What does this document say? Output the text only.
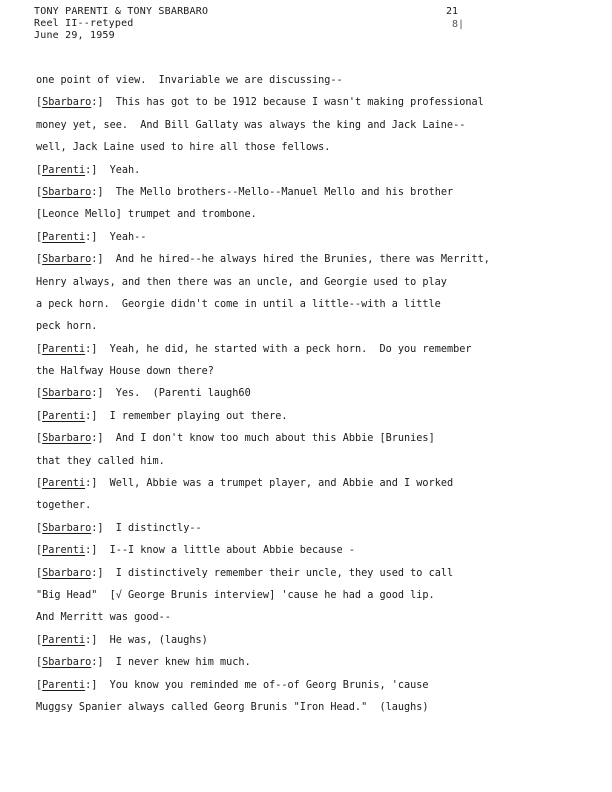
TONY PARENTI & TONY SBARBARO
Reel II--retyped
June 29, 1959
21
8|
one point of view.  Invariable we are discussing--
[Sbarbaro:]  This has got to be 1912 because I wasn't making professional
money yet, see.  And Bill Gallaty was always the king and Jack Laine--
well, Jack Laine used to hire all those fellows.
[Parenti:]  Yeah.
[Sbarbaro:]  The Mello brothers--Mello--Manuel Mello and his brother
[Leonce Mello] trumpet and trombone.
[Parenti:]  Yeah--
[Sbarbaro:]  And he hired--he always hired the Brunies, there was Merritt,
Henry always, and then there was an uncle, and Georgie used to play
a peck horn.  Georgie didn't come in until a little--with a little
peck horn.
[Parenti:]  Yeah, he did, he started with a peck horn.  Do you remember
the Halfway House down there?
[Sbarbaro:]  Yes.  (Parenti laugh60
[Parenti:]  I remember playing out there.
[Sbarbaro:]  And I don't know too much about this Abbie [Brunies]
that they called him.
[Parenti:]  Well, Abbie was a trumpet player, and Abbie and I worked
together.
[Sbarbaro:]  I distinctly--
[Parenti:]  I--I know a little about Abbie because -
[Sbarbaro:]  I distinctively remember their uncle, they used to call
"Big Head"  [√ George Brunis interview] 'cause he had a good lip.
And Merritt was good--
[Parenti:]  He was, (laughs)
[Sbarbaro:]  I never knew him much.
[Parenti:]  You know you reminded me of--of Georg Brunis, 'cause
Muggsy Spanier always called Georg Brunis "Iron Head."  (laughs)
